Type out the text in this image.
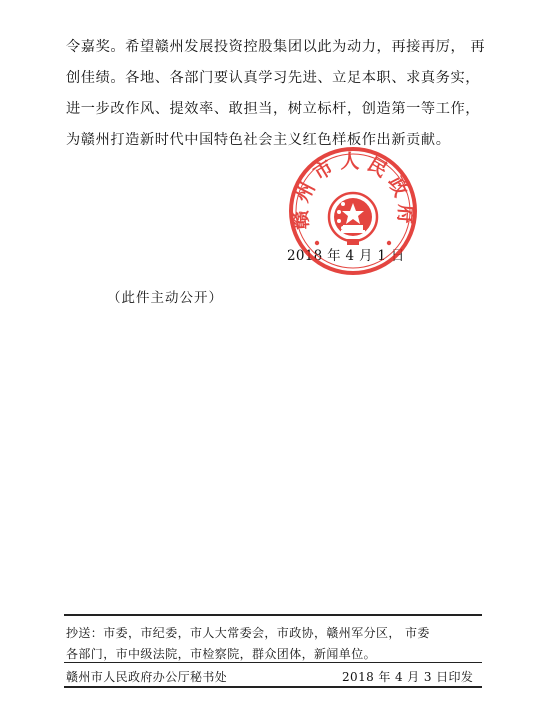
令嘉奖。希望赣州发展投资控股集团以此为动力，再接再厉， 再
创佳绩。各地、各部门要认真学习先进、立足本职、求真务实，
进一步改作风、提效率、敢担当，树立标杆，创造第一等工作，
为赣州打造新时代中国特色社会主义红色样板作出新贡献。
2018 年 4 月 1 日
赣州市人民政府
（此件主动公开）
抄送：市委，市纪委，市人大常委会，市政协，赣州军分区， 市委
各部门，市中级法院，市检察院，群众团体，新闻单位。
赣州市人民政府办公厅秘书处	2018 年 4 月 3 日印发
